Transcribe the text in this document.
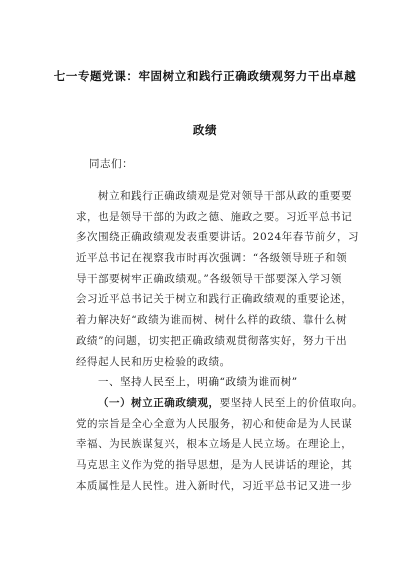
七一专题党课：牢固树立和践行正确政绩观努力干出卓越
政绩
同志们：
树立和践行正确政绩观是党对领导干部从政的重要要
求，也是领导干部的为政之德、施政之要。习近平总书记
多次围绕正确政绩观发表重要讲话。2024年春节前夕，习
近平总书记在视察我市时再次强调：“各级领导班子和领
导干部要树牢正确政绩观。”各级领导干部要深入学习领
会习近平总书记关于树立和践行正确政绩观的重要论述，
着力解决好“政绩为谁而树、树什么样的政绩、靠什么树
政绩”的问题，切实把正确政绩观贯彻落实好，努力干出
经得起人民和历史检验的政绩。
一、坚持人民至上，明确“政绩为谁而树”
（一）树立正确政绩观，要坚持人民至上的价值取向。
党的宗旨是全心全意为人民服务，初心和使命是为人民谋
幸福、为民族谋复兴，根本立场是人民立场。在理论上，
马克思主义作为党的指导思想，是为人民讲话的理论，其
本质属性是人民性。进入新时代，习近平总书记又进一步
